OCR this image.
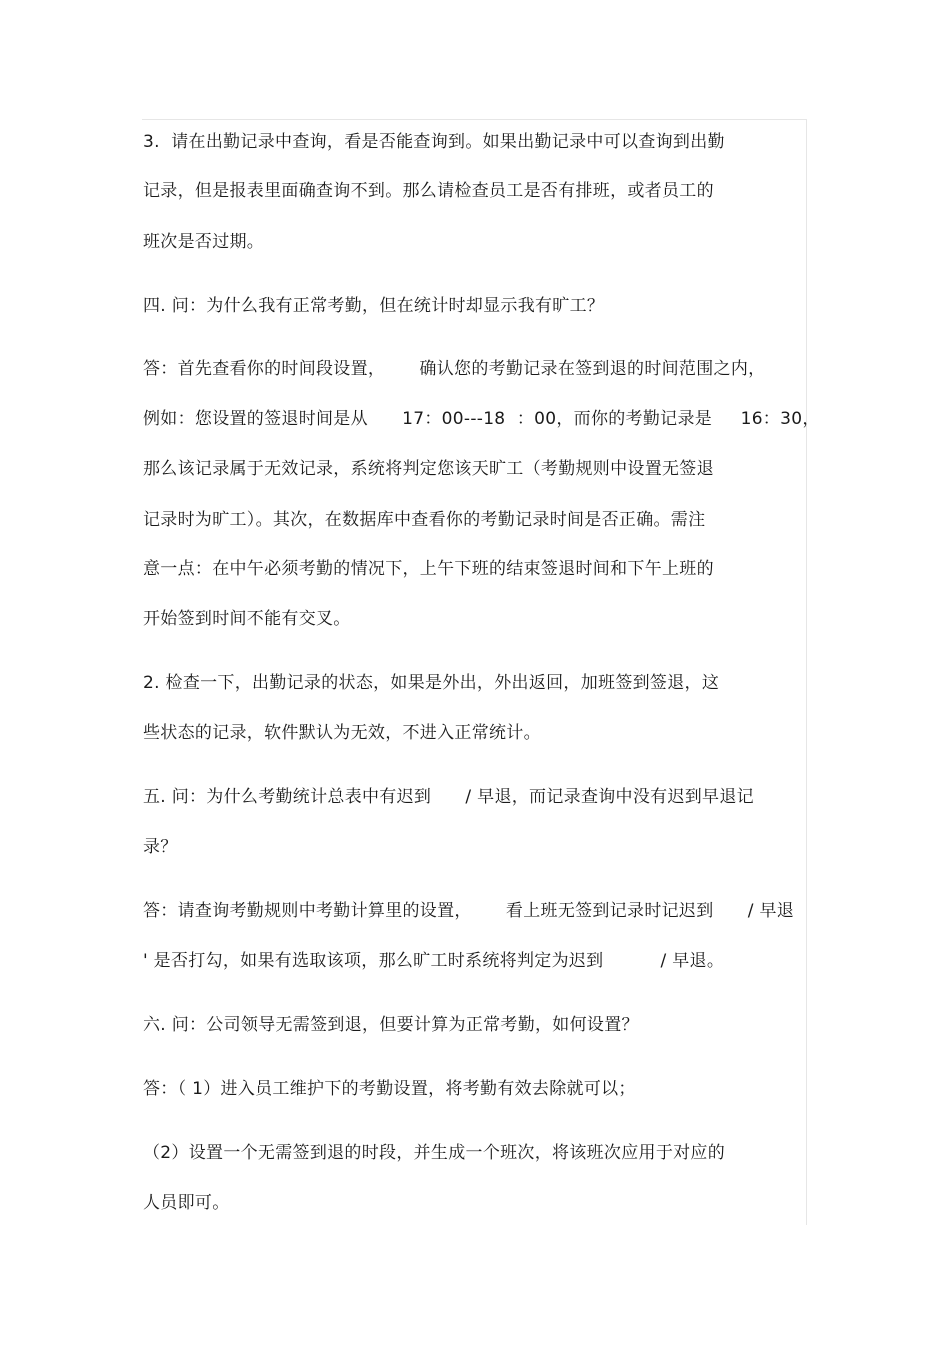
3.  请在出勤记录中查询，看是否能查询到。如果出勤记录中可以查询到出勤
记录，但是报表里面确查询不到。那么请检查员工是否有排班，或者员工的
班次是否过期。
四. 问：为什么我有正常考勤，但在统计时却显示我有旷工？
答：首先查看你的时间段设置，      确认您的考勤记录在签到退的时间范围之内，
例如：您设置的签退时间是从      17：00---18  ：00，而你的考勤记录是     16：30，
那么该记录属于无效记录，系统将判定您该天旷工（考勤规则中设置无签退
记录时为旷工）。其次，在数据库中查看你的考勤记录时间是否正确。需注
意一点：在中午必须考勤的情况下，上午下班的结束签退时间和下午上班的
开始签到时间不能有交叉。
2. 检查一下，出勤记录的状态，如果是外出，外出返回，加班签到签退，这
些状态的记录，软件默认为无效，不进入正常统计。
五. 问：为什么考勤统计总表中有迟到      / 早退，而记录查询中没有迟到早退记
录？
答：请查询考勤规则中考勤计算里的设置，      看上班无签到记录时记迟到      / 早退
' 是否打勾，如果有选取该项，那么旷工时系统将判定为迟到          / 早退。
六. 问：公司领导无需签到退，但要计算为正常考勤，如何设置？
答：（ 1）进入员工维护下的考勤设置，将考勤有效去除就可以；
（2）设置一个无需签到退的时段，并生成一个班次，将该班次应用于对应的
人员即可。
